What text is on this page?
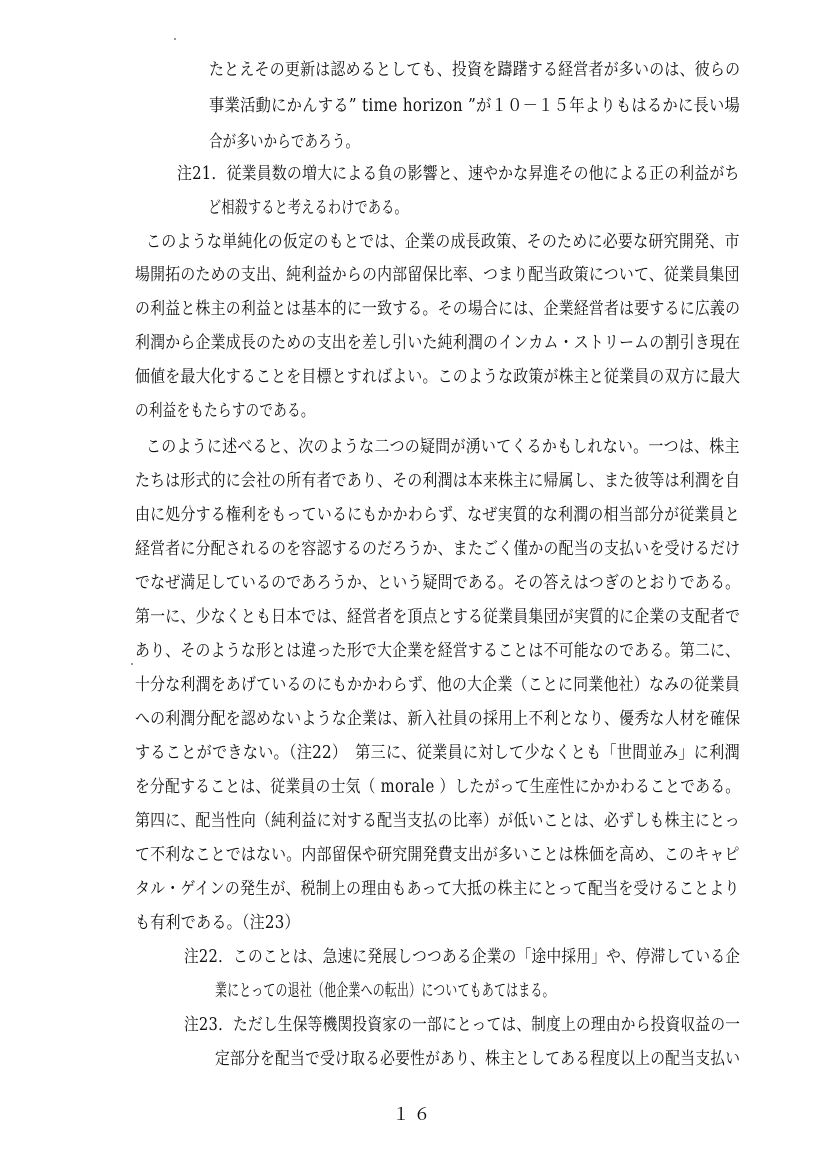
たとえその更新は認めるとしても、投資を躊躇する経営者が多いのは、彼らの
事業活動にかんする” time horizon ”が１０－１５年よりもはるかに長い場
合が多いからであろう。
注21．従業員数の増大による負の影響と、速やかな昇進その他による正の利益がち
ど相殺すると考えるわけである。
このような単純化の仮定のもとでは、企業の成長政策、そのために必要な研究開発、市
場開拓のための支出、純利益からの内部留保比率、つまり配当政策について、従業員集団
の利益と株主の利益とは基本的に一致する。その場合には、企業経営者は要するに広義の
利潤から企業成長のための支出を差し引いた純利潤のインカム・ストリームの割引き現在
価値を最大化することを目標とすればよい。このような政策が株主と従業員の双方に最大
の利益をもたらすのである。
このように述べると、次のような二つの疑問が湧いてくるかもしれない。一つは、株主
たちは形式的に会社の所有者であり、その利潤は本来株主に帰属し、また彼等は利潤を自
由に処分する権利をもっているにもかかわらず、なぜ実質的な利潤の相当部分が従業員と
経営者に分配されるのを容認するのだろうか、またごく僅かの配当の支払いを受けるだけ
でなぜ満足しているのであろうか、という疑問である。その答えはつぎのとおりである。
第一に、少なくとも日本では、経営者を頂点とする従業員集団が実質的に企業の支配者で
あり、そのような形とは違った形で大企業を経営することは不可能なのである。第二に、
十分な利潤をあげているのにもかかわらず、他の大企業（ことに同業他社）なみの従業員
への利潤分配を認めないような企業は、新入社員の採用上不利となり、優秀な人材を確保
することができない。（注22）　第三に、従業員に対して少なくとも「世間並み」に利潤
を分配することは、従業員の士気（ morale ）したがって生産性にかかわることである。
第四に、配当性向（純利益に対する配当支払の比率）が低いことは、必ずしも株主にとっ
て不利なことではない。内部留保や研究開発費支出が多いことは株価を高め、このキャピ
タル・ゲインの発生が、税制上の理由もあって大抵の株主にとって配当を受けることより
も有利である。（注23）
注22．このことは、急速に発展しつつある企業の「途中採用」や、停滞している企
業にとっての退社（他企業への転出）についてもあてはまる。
注23．ただし生保等機関投資家の一部にとっては、制度上の理由から投資収益の一
定部分を配当で受け取る必要性があり、株主としてある程度以上の配当支払い
１６
